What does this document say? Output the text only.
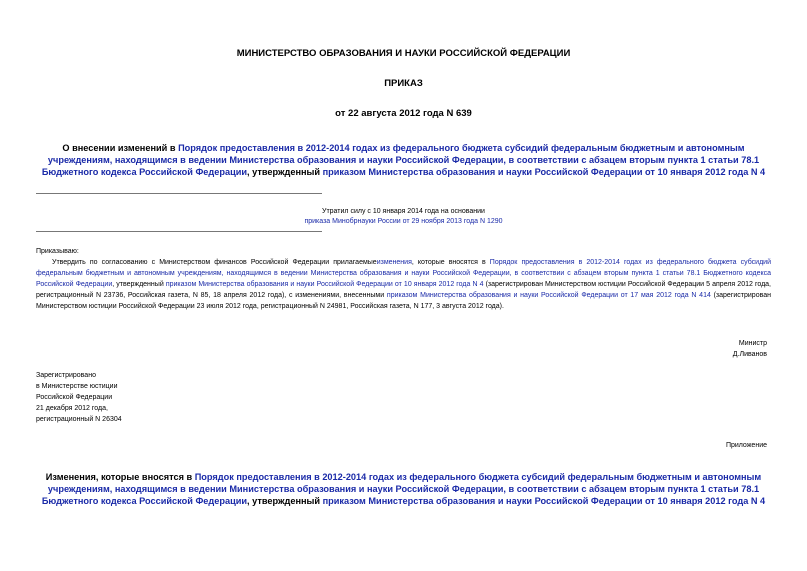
МИНИСТЕРСТВО ОБРАЗОВАНИЯ И НАУКИ РОССИЙСКОЙ ФЕДЕРАЦИИ
ПРИКАЗ
от 22 августа 2012 года N 639
О внесении изменений в Порядок предоставления в 2012-2014 годах из федерального бюджета субсидий федеральным бюджетным и автономным учреждениям, находящимся в ведении Министерства образования и науки Российской Федерации, в соответствии с абзацем вторым пункта 1 статьи 78.1 Бюджетного кодекса Российской Федерации, утвержденный приказом Министерства образования и науки Российской Федерации от 10 января 2012 года N 4
Утратил силу с 10 января 2014 года на основании
приказа Минобрнауки России от 29 ноября 2013 года N 1290
Приказываю:

Утвердить по согласованию с Министерством финансов Российской Федерации прилагаемыеизменения, которые вносятся в Порядок предоставления в 2012-2014 годах из федерального бюджета субсидий федеральным бюджетным и автономным учреждениям, находящимся в ведении Министерства образования и науки Российской Федерации, в соответствии с абзацем вторым пункта 1 статьи 78.1 Бюджетного кодекса Российской Федерации, утвержденный приказом Министерства образования и науки Российской Федерации от 10 января 2012 года N 4 (зарегистрирован Министерством юстиции Российской Федерации 5 апреля 2012 года, регистрационный N 23736, Российская газета, N 85, 18 апреля 2012 года), с изменениями, внесенными приказом Министерства образования и науки Российской Федерации от 17 мая 2012 года N 414 (зарегистрирован Министерством юстиции Российской Федерации 23 июля 2012 года, регистрационный N 24981, Российская газета, N 177, 3 августа 2012 года).

Министр
Д.Ливанов
Зарегистрировано
в Министерстве юстиции
Российской Федерации
21 декабря 2012 года,
регистрационный N 26304
Приложение
Изменения, которые вносятся в Порядок предоставления в 2012-2014 годах из федерального бюджета субсидий федеральным бюджетным и автономным учреждениям, находящимся в ведении Министерства образования и науки Российской Федерации, в соответствии с абзацем вторым пункта 1 статьи 78.1 Бюджетного кодекса Российской Федерации, утвержденный приказом Министерства образования и науки Российской Федерации от 10 января 2012 года N 4
